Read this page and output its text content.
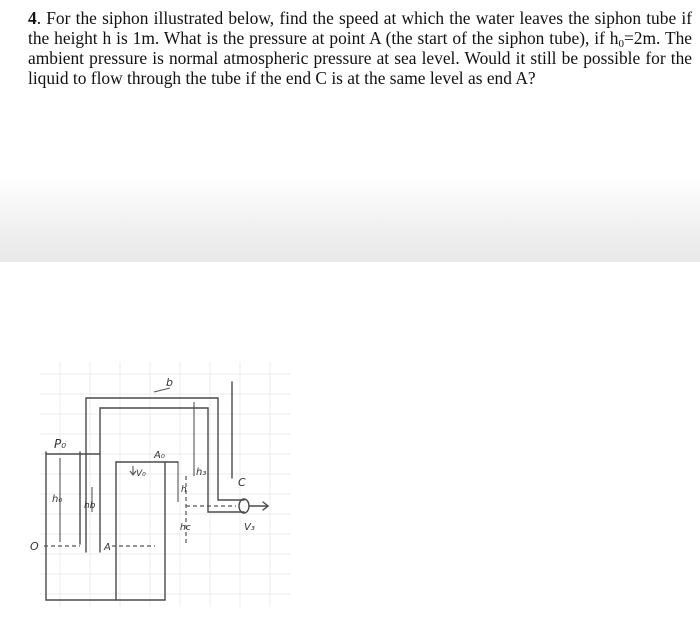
4. For the siphon illustrated below, find the speed at which the water leaves the siphon tube if the height h is 1m. What is the pressure at point A (the start of the siphon tube), if $h_0=2m$. The ambient pressure is normal atmospheric pressure at sea level. Would it still be possible for the liquid to flow through the tube if the end C is at the same level as end A?

b
P₀
h₀
h₃
A₀
V₀
hb
h
hc
A
C
V₃
O
